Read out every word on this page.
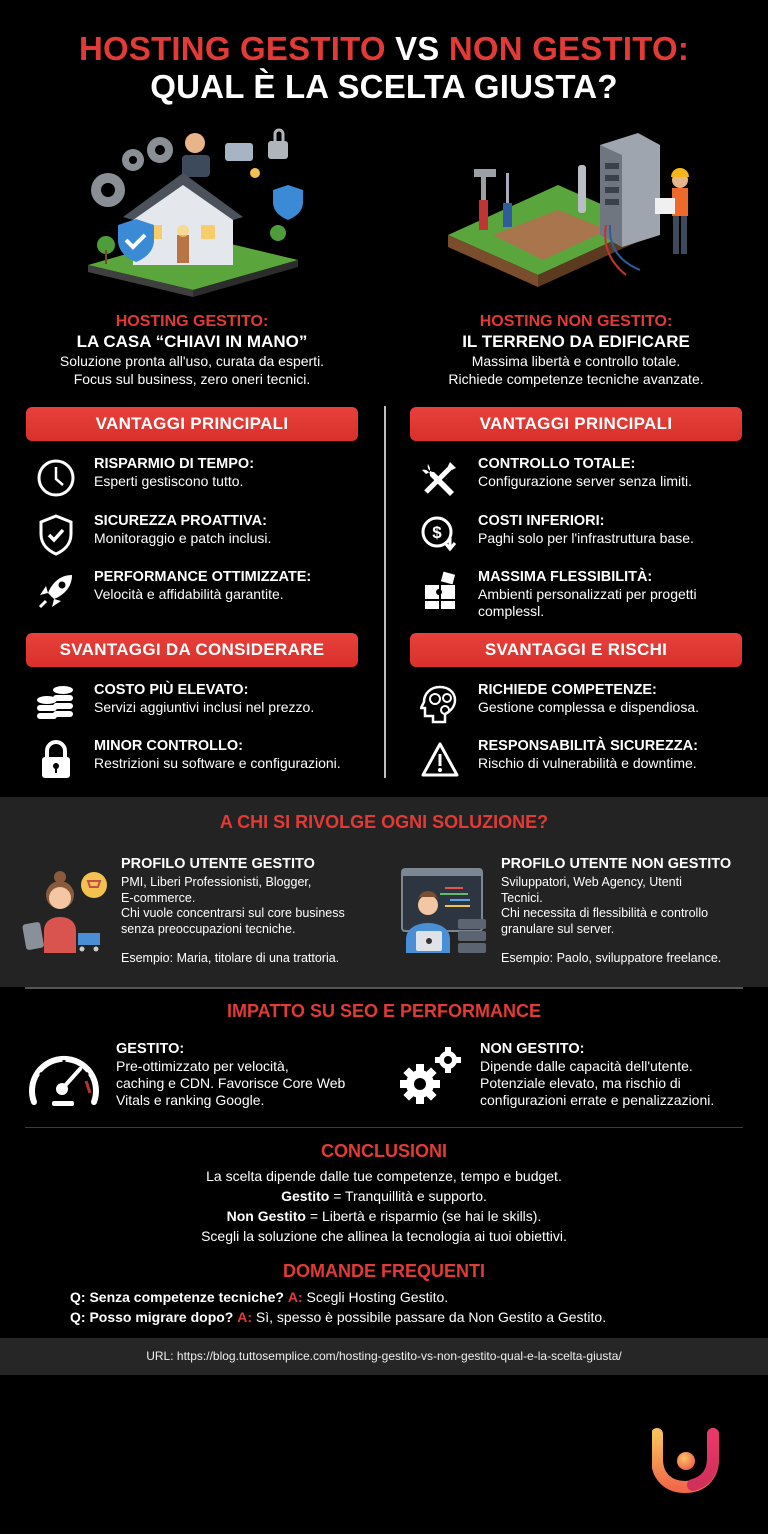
HOSTING GESTITO VS NON GESTITO:
QUAL È LA SCELTA GIUSTA?
HOSTING GESTITO:
LA CASA “CHIAVI IN MANO”
Soluzione pronta all'uso, curata da esperti.
Focus sul business, zero oneri tecnici.
HOSTING NON GESTITO:
IL TERRENO DA EDIFICARE
Massima libertà e controllo totale.
Richiede competenze tecniche avanzate.
VANTAGGI PRINCIPALI	VANTAGGI PRINCIPALI
RISPARMIO DI TEMPO:
Esperti gestiscono tutto.
SICUREZZA PROATTIVA:
Monitoraggio e patch inclusi.
PERFORMANCE OTTIMIZZATE:
Velocità e affidabilità garantite.
CONTROLLO TOTALE:
Configurazione server senza limiti.
$
COSTI INFERIORI:
Paghi solo per l'infrastruttura base.
MASSIMA FLESSIBILITÀ:
Ambienti personalizzati per progetti complessl.
SVANTAGGI DA CONSIDERARE	SVANTAGGI E RISCHI
COSTO PIÙ ELEVATO:
Servizi aggiuntivi inclusi nel prezzo.
MINOR CONTROLLO:
Restrizioni su software e configurazioni.
RICHIEDE COMPETENZE:
Gestione complessa e dispendiosa.
RESPONSABILITÀ SICUREZZA:
Rischio di vulnerabilità e downtime.
A CHI SI RIVOLGE OGNI SOLUZIONE?
PROFILO UTENTE GESTITO
PMI, Liberi Professionisti, Blogger,
E-commerce.
Chi vuole concentrarsi sul core business
senza preoccupazioni tecniche.
Esempio: Maria, titolare di una trattoria.
PROFILO UTENTE NON GESTITO
Sviluppatori, Web Agency, Utenti
Tecnici.
Chi necessita di flessibilità e controllo
granulare sul server.
Esempio: Paolo, sviluppatore freelance.
IMPATTO SU SEO E PERFORMANCE
GESTITO:
Pre-ottimizzato per velocità,
caching e CDN. Favorisce Core Web
Vitals e ranking Google.
NON GESTITO:
Dipende dalle capacità dell'utente.
Potenziale elevato, ma rischio di
configurazioni errate e penalizzazioni.
CONCLUSIONI
La scelta dipende dalle tue competenze, tempo e budget.
Gestito = Tranquillità e supporto.
Non Gestito = Libertà e risparmio (se hai le skills).
Scegli la soluzione che allinea la tecnologia ai tuoi obiettivi.
DOMANDE FREQUENTI
Q: Senza competenze tecniche? A: Scegli Hosting Gestito.
Q: Posso migrare dopo? A: Sì, spesso è possibile passare da Non Gestito a Gestito.
URL: https://blog.tuttosemplice.com/hosting-gestito-vs-non-gestito-qual-e-la-scelta-giusta/
